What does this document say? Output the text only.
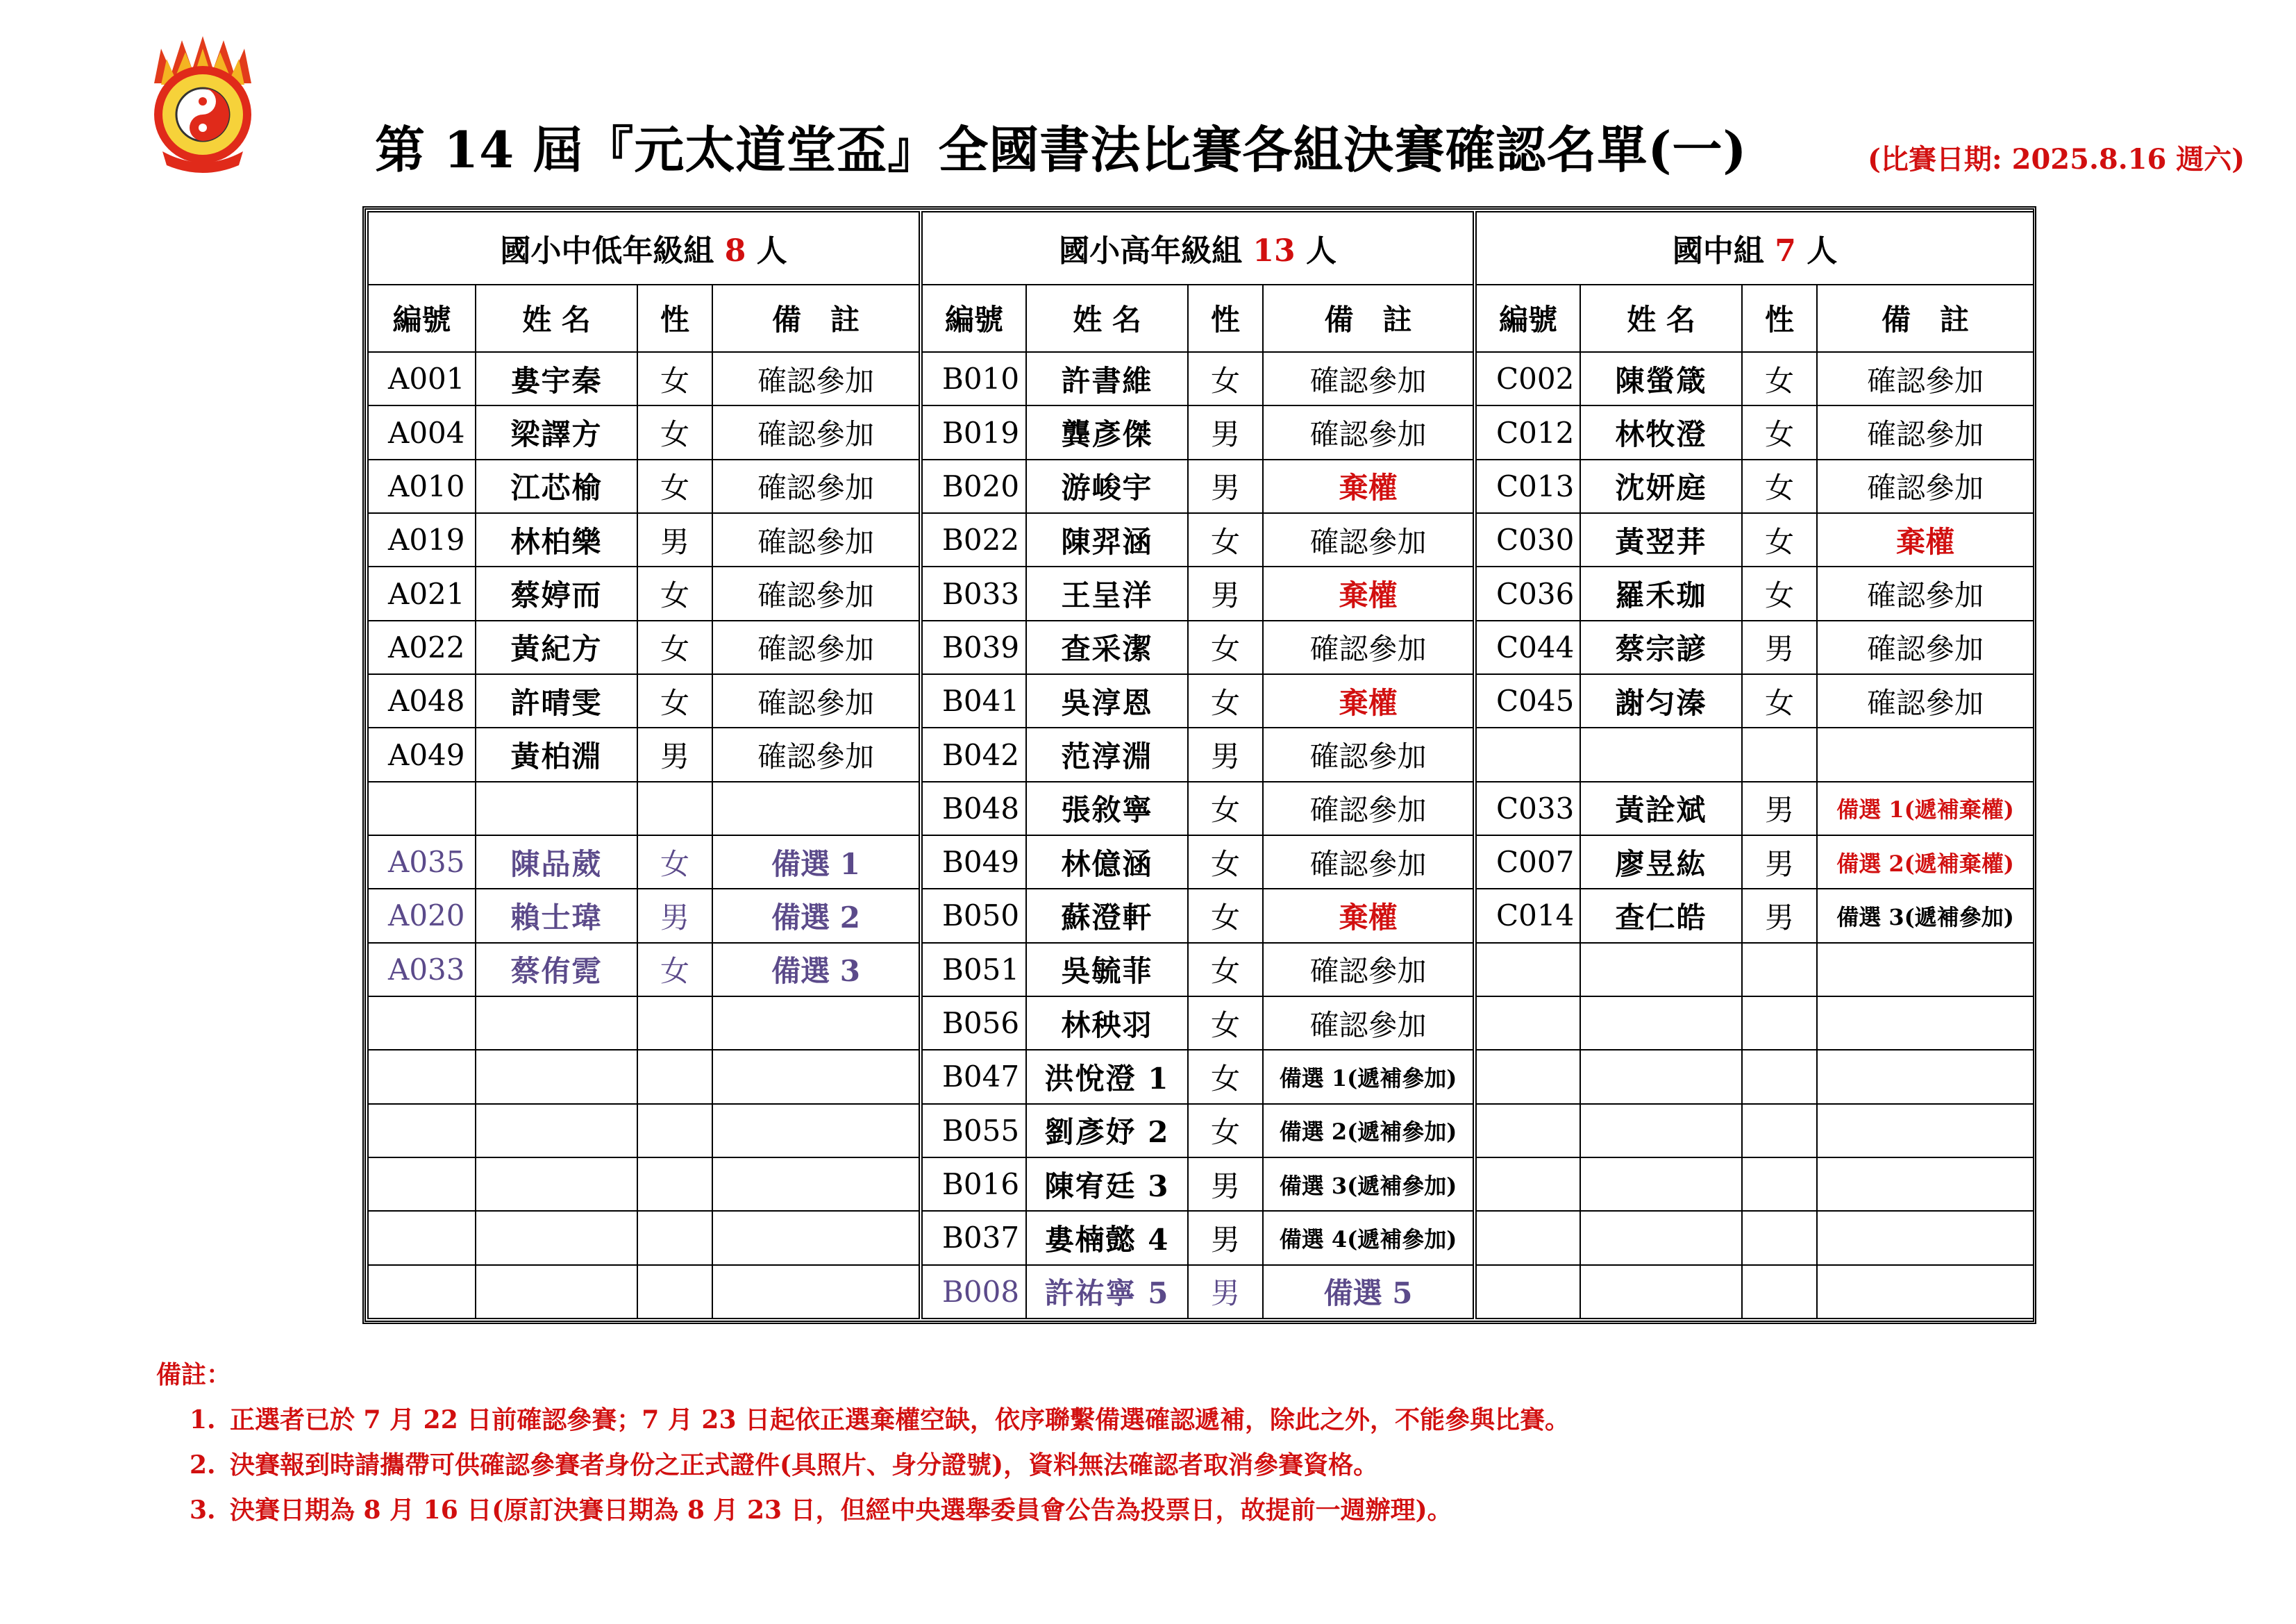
第 14 屆『元太道堂盃』全國書法比賽各組決賽確認名單(一)	(比賽日期: 2025.8.16 週六)
國小中低年級組 8 人				國小高年級組 13 人				國中組 7 人			
編號	姓 名	性	備　註	編號	姓 名	性	備　註	編號	姓 名	性	備　註
A001	婁宇秦	女	確認參加	B010	許書維	女	確認參加	C002	陳螢箴	女	確認參加
A004	梁譯方	女	確認參加	B019	龔彥傑	男	確認參加	C012	林牧澄	女	確認參加
A010	江芯榆	女	確認參加	B020	游峻宇	男	棄權	C013	沈妍庭	女	確認參加
A019	林柏樂	男	確認參加	B022	陳羿涵	女	確認參加	C030	黃翌荓	女	棄權
A021	蔡婷而	女	確認參加	B033	王呈洋	男	棄權	C036	羅禾珈	女	確認參加
A022	黃紀方	女	確認參加	B039	查采潔	女	確認參加	C044	蔡宗諺	男	確認參加
A048	許晴雯	女	確認參加	B041	吳淳恩	女	棄權	C045	謝匀溱	女	確認參加
A049	黃柏淵	男	確認參加	B042	范淳淵	男	確認參加				
				B048	張敘寧	女	確認參加	C033	黃詮斌	男	備選 1(遞補棄權)
A035	陳品葳	女	備選 1	B049	林億涵	女	確認參加	C007	廖昱紘	男	備選 2(遞補棄權)
A020	賴士瑋	男	備選 2	B050	蘇澄軒	女	棄權	C014	查仁皓	男	備選 3(遞補參加)
A033	蔡侑霓	女	備選 3	B051	吳毓菲	女	確認參加				
				B056	林秧羽	女	確認參加				
				B047	洪悅澄 1	女	備選 1(遞補參加)				
				B055	劉彥妤 2	女	備選 2(遞補參加)				
				B016	陳宥廷 3	男	備選 3(遞補參加)				
				B037	婁楠懿 4	男	備選 4(遞補參加)				
				B008	許祐寧 5	男	備選 5				
備註：
1. 正選者已於 7 月 22 日前確認參賽；7 月 23 日起依正選棄權空缺，依序聯繫備選確認遞補，除此之外，不能參與比賽。
2. 決賽報到時請攜帶可供確認參賽者身份之正式證件(具照片、身分證號)，資料無法確認者取消參賽資格。
3. 決賽日期為 8 月 16 日(原訂決賽日期為 8 月 23 日，但經中央選舉委員會公告為投票日，故提前一週辦理)。
